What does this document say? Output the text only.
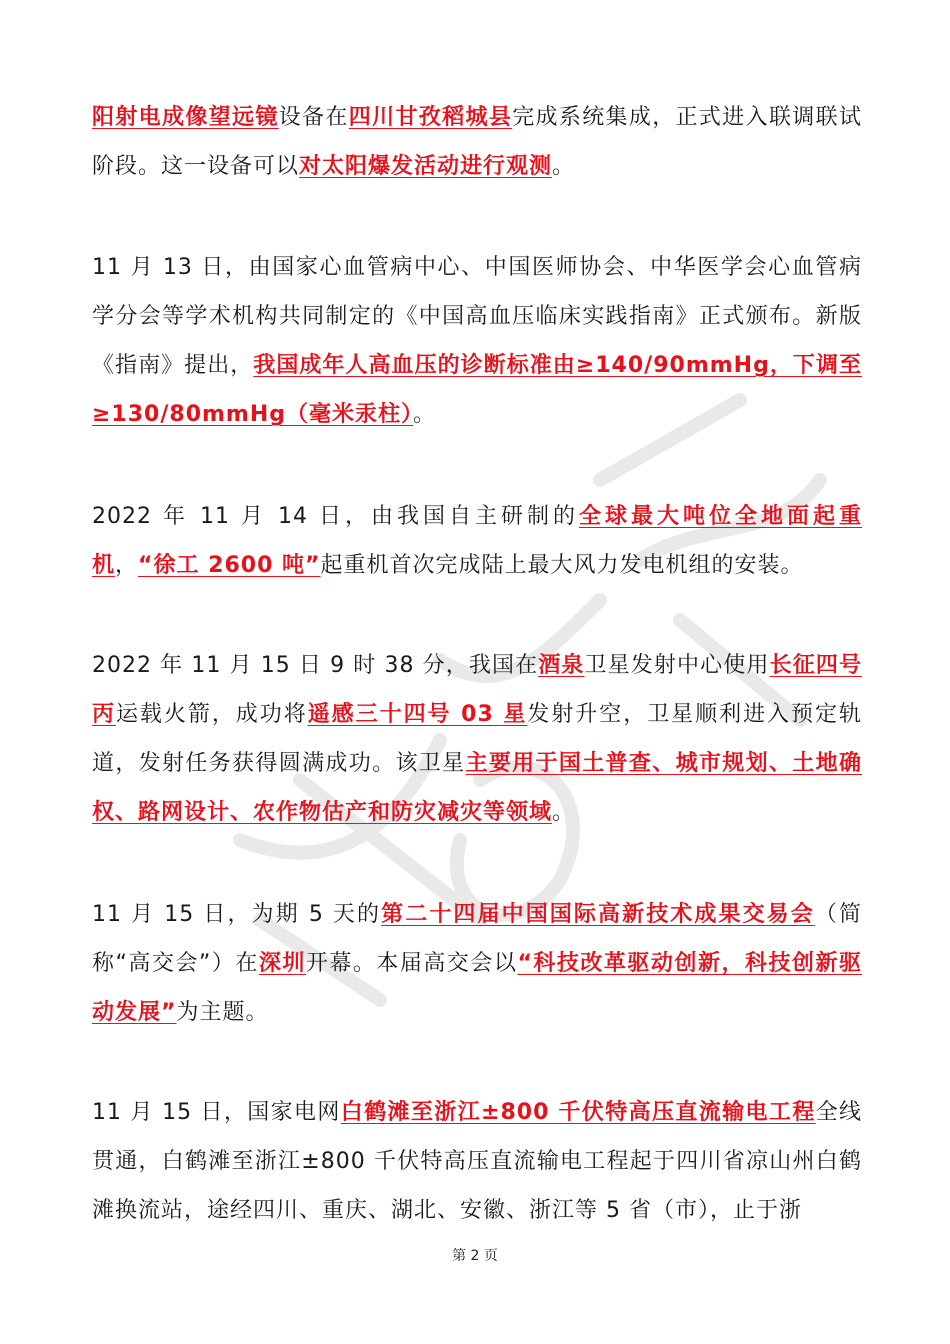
阳射电成像望远镜设备在四川甘孜稻城县完成系统集成，正式进入联调联试阶段。这一设备可以对太阳爆发活动进行观测。
11 月 13 日，由国家心血管病中心、中国医师协会、中华医学会心血管病学分会等学术机构共同制定的《中国高血压临床实践指南》正式颁布。新版《指南》提出，我国成年人高血压的诊断标准由≥140/90mmHg，下调至≥130/80mmHg（毫米汞柱）。
2022 年 11 月 14 日，由我国自主研制的全球最大吨位全地面起重机，“徐工 2600 吨”起重机首次完成陆上最大风力发电机组的安装。
2022 年 11 月 15 日 9 时 38 分，我国在酒泉卫星发射中心使用长征四号丙运载火箭，成功将遥感三十四号 03 星发射升空，卫星顺利进入预定轨道，发射任务获得圆满成功。该卫星主要用于国土普查、城市规划、土地确权、路网设计、农作物估产和防灾减灾等领域。
11 月 15 日，为期 5 天的第二十四届中国国际高新技术成果交易会（简称“高交会”）在深圳开幕。本届高交会以“科技改革驱动创新，科技创新驱动发展”为主题。
11 月 15 日，国家电网白鹤滩至浙江±800 千伏特高压直流输电工程全线贯通，白鹤滩至浙江±800 千伏特高压直流输电工程起于四川省凉山州白鹤滩换流站，途经四川、重庆、湖北、安徽、浙江等 5 省（市），止于浙
第 2 页
